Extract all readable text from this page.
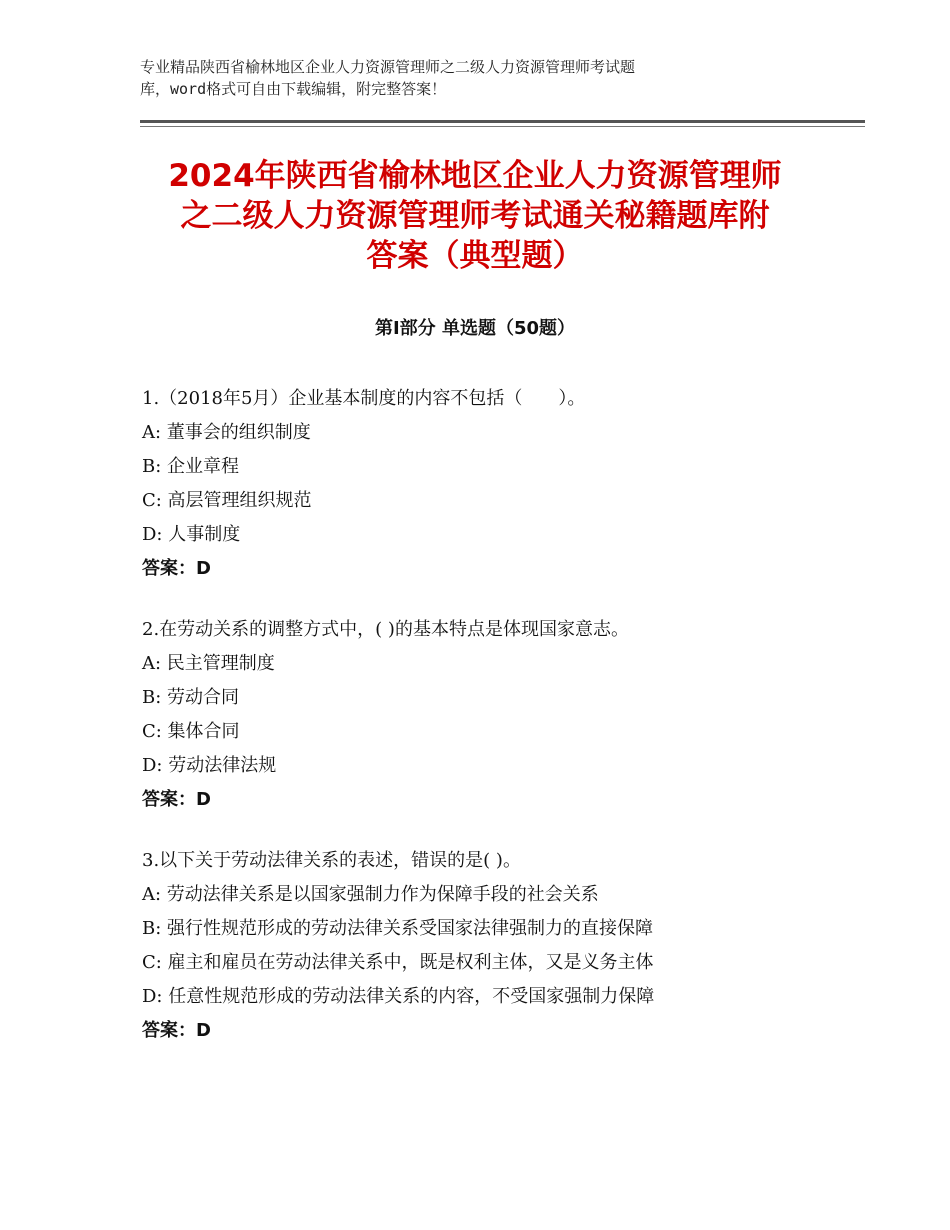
专业精品陕西省榆林地区企业人力资源管理师之二级人力资源管理师考试题
库，word格式可自由下载编辑，附完整答案！
2024年陕西省榆林地区企业人力资源管理师
之二级人力资源管理师考试通关秘籍题库附
答案（典型题）
第Ⅰ部分 单选题（50题）
1.（2018年5月）企业基本制度的内容不包括（　　）。
A: 董事会的组织制度
B: 企业章程
C: 高层管理组织规范
D: 人事制度
答案：D
2.在劳动关系的调整方式中，( )的基本特点是体现国家意志。
A: 民主管理制度
B: 劳动合同
C: 集体合同
D: 劳动法律法规
答案：D
3.以下关于劳动法律关系的表述，错误的是( )。
A: 劳动法律关系是以国家强制力作为保障手段的社会关系
B: 强行性规范形成的劳动法律关系受国家法律强制力的直接保障
C: 雇主和雇员在劳动法律关系中，既是权利主体，又是义务主体
D: 任意性规范形成的劳动法律关系的内容，不受国家强制力保障
答案：D
